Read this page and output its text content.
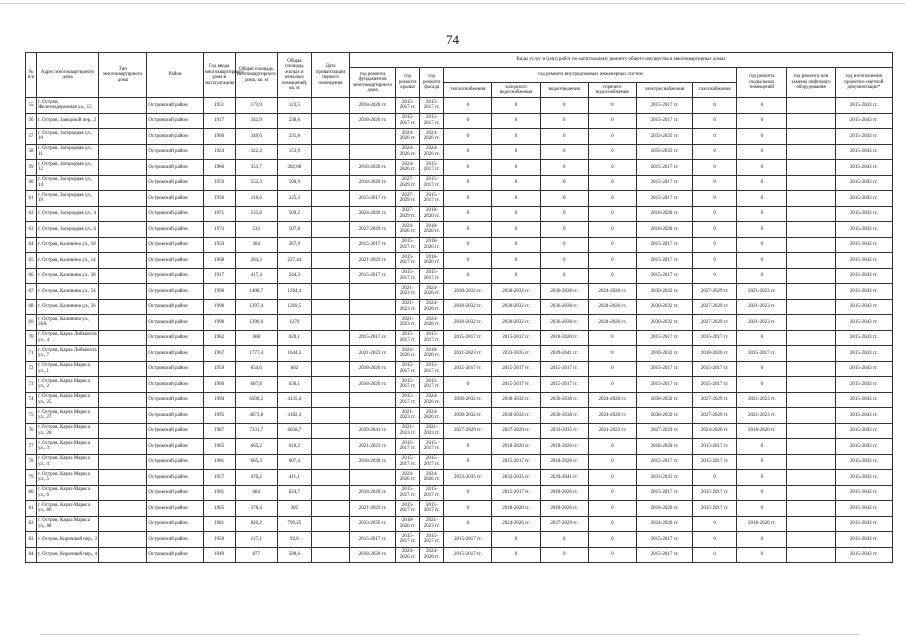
74
№ п/п	Адрес многоквартирного дома	Тип многоквартирного дома	Район	Год ввода многоквартирного дома в эксплуатацию	Общая площадь многоквартирного дома, кв. м	Общая площадь жилых и нежилых помещений, кв. м	Дата приватизации первого помещения	Виды услуг и (или) работ по капитальному ремонту общего имущества в многоквартирных домах											
								год ремонта фундаментов многоквартирного дома	год ремонта крыши	год ремонта фасада	год ремонта внутридомовых инженерных систем						год ремонта подвальных помещений	год ремонта или замены лифтового оборудования	год изготовления проектно-сметной документации*
											теплоснабжения	холодного водоснабжения	водоотведения	горячего водоснабжения	электроснабжения	газоснабжения			
55	г. Остров, Железнодорожная ул., 15		Островский район	1951	173,9	123,5		2018-2020 гг.	2015-2017 гг.	2015-2017 гг.	0	0	0	0	2015-2017 гг.	0	0		2015-2043 гг.
56	г. Остров, Заводской пер., 2		Островский район	1917	342,9	238,6		2018-2020 гг.	2015-2017 гг.	2015-2017 гг.	0	0	0	0	2015-2017 гг.	0	0		2015-2043 гг.
57	г. Остров, Загородная ул., 10		Островский район	1960	349,6	231,8			2024-2026 гг.	2024-2026 гг.	0	0	0	0	2033-2035 гг.	0	0		2015-2043 гг.
58	г. Остров, Загородная ул., 11		Островский район	1924	322,2	153,9			2024-2026 гг.	2024-2026 гг.	0	0	0	0	2033-2035 гг.	0	0		2015-2043 гг.
59	г. Остров, Загородная ул., 12		Островский район	1960	353,7	282,06		2018-2020 гг.	2024-2026 гг.	2015-2017 гг.	0	0	0	0	2015-2017 гг.	0	0		2015-2043 гг.
60	г. Остров, Загородная ул., 14		Островский район	1959	552,3	500,9		2018-2020 гг.	2027-2029 гг.	2015-2017 гг.	0	0	0	0	2015-2017 гг.	0	0		2015-2043 гг.
61	г. Остров, Загородная ул., 19		Островский район	1956	316,6	225,3		2015-2017 гг.	2027-2029 гг.	2015-2017 гг.	0	0	0	0	2015-2017 гг.	0	0		2015-2043 гг.
62	г. Остров, Загородная ул., 4		Островский район	1971	535,8	509,2		2024-2026 гг.	2027-2029 гг.	2018-2020 гг.	0	0	0	0	2018-2020 гг.	0	0		2015-2043 гг.
63	г. Остров, Загородная ул., 6		Островский район	1972	533	507,8		2027-2029 гг.	2024-2026 гг.	2018-2020 гг.	0	0	0	0	2018-2020 гг.	0	0		2015-2043 гг.
64	г. Остров, Калинина ул., 10		Островский район	1959	384	267,9		2015-2017 гг.	2015-2017 гг.	2018-2020 гг.	0	0	0	0	2015-2017 гг.	0	0		2015-2043 гг.
65	г. Остров, Калинина ул., 14		Островский район	1968	284,3	227,44		2021-2023 гг.	2015-2017 гг.	2018-2020 гг.	0	0	0	0	2015-2017 гг.	0	0		2015-2043 гг.
66	г. Остров, Калинина ул., 30		Островский район	1917	417,4	244,3		2015-2017 гг.	2015-2017 гг.	2015-2017 гг.	0	0	0	0	2015-2017 гг.	0	0		2015-2043 гг.
67	г. Остров, Калинина ул., 54		Островский район	1996	1400,7	1264,4			2021-2023 гг.	2024-2026 гг.	2030-2032 гг.	2030-2032 гг.	2036-2038 гг.	2024-2026 гг.	2030-2032 гг.	2027-2029 гг.	2021-2023 гг.		2015-2043 гг.
68	г. Остров, Калинина ул., 56		Островский район	1996	1397,4	1269,5			2021-2023 гг.	2024-2026 гг.	2030-2032 гг.	2030-2032 гг.	2036-2038 гг.	2024-2026 гг.	2030-2032 гг.	2027-2029 гг.	2021-2023 гг.		2015-2043 гг.
69	г. Остров, Калинина ул., 56А		Островский район	1996	1396,6	1270			2021-2023 гг.	2024-2026 гг.	2030-2032 гг.	2030-2032 гг.	2036-2038 гг.	2024-2026 гг.	2030-2032 гг.	2027-2029 гг.	2021-2023 гг.		2015-2043 гг.
70	г. Остров, Карла Либкнехта ул., 4		Островский район	1962	608	620,1		2015-2017 гг.	2015-2017 гг.	2015-2017 гг.	2015-2017 гг.	2015-2017 гг.	2018-2020 гг.	0	2015-2017 гг.	2015-2017 гг.	0		2015-2043 гг.
71	г. Остров, Карла Либкнехта ул., 7		Островский район	1967	1777,4	1644,5		2021-2023 гг.	2024-2026 гг.	2018-2020 гг.	2021-2023 гг.	2033-2035 гг.	2039-2041 гг.	0	2030-2032 гг.	2018-2020 гг.	2015-2017 гг.		2015-2043 гг.
72	г. Остров, Карла Маркса ул., 1		Островский район	1959	654,6	602		2018-2020 гг.	2015-2017 гг.	2015-2017 гг.	2015-2017 гг.	2015-2017 гг.	2015-2017 гг.	0	2015-2017 гг.	2015-2017 гг.	0		2015-2043 гг.
73	г. Остров, Карла Маркса ул., 2		Островский район	1960	687,8	630,1		2018-2020 гг.	2015-2017 гг.	2015-2017 гг.	0	2015-2017 гг.	2015-2017 гг.	0	2015-2017 гг.	2015-2017 гг.	0		2015-2043 гг.
74	г. Остров, Карла Маркса ул., 25		Островский район	1994	6506,2	4135,4			2015-2017 гг.	2024-2026 гг.	2030-2032 гг.	2030-2032 гг.	2036-2038 гг.	2024-2026 гг.	2030-2032 гг.	2027-2029 гг.	2021-2023 гг.		2015-2043 гг.
75	г. Остров, Карла Маркса ул., 27		Островский район	1995	4673,8	4182,3			2021-2023 гг.	2024-2026 гг.	2030-2032 гг.	2030-2032 гг.	2036-2038 гг.	2024-2026 гг.	2030-2032 гг.	2027-2029 гг.	2021-2023 гг.		2015-2043 гг.
76	г. Остров, Карла Маркса ул., 28		Островский район	1987	7331,7	6658,7		2039-2041 гг.	2021-2023 гг.	2021-2023 гг.	2027-2029 гг.	2027-2029 гг.	2033-2035 гг.	2021-2023 гг.	2027-2029 гг.	2024-2026 гг.	2018-2020 гг.		2015-2043 гг.
77	г. Остров, Карла Маркса ул., 3		Островский район	1965	665,2	610,2		2021-2023 гг.	2015-2017 гг.	2015-2017 гг.	0	2018-2020 гг.	2018-2020 гг.	0	2018-2020 гг.	2015-2017 гг.	0		2015-2043 гг.
78	г. Остров, Карла Маркса ул., 4		Островский район	1961	665,3	607,4		2018-2020 гг.	2015-2017 гг.	2015-2017 гг.	0	2015-2017 гг.	2018-2020 гг.	0	2015-2017 гг.	2015-2017 гг.	0		2015-2043 гг.
79	г. Остров, Карла Маркса ул., 5		Островский район	1957	470,2	411,1			2024-2026 гг.	2024-2026 гг.	2033-2035 гг.	2033-2035 гг.	2039-2041 гг.	0	2033-2035 гг.	0	0		2015-2043 гг.
80	г. Остров, Карла Маркса ул., 6		Островский район	1961	684	624,7		2018-2020 гг.	2015-2017 гг.	2015-2017 гг.	0	2015-2017 гг.	2018-2020 гг.	0	2015-2017 гг.	2015-2017 гг.	0		2015-2043 гг.
81	г. Остров, Карла Маркса ул., 86		Островский район	1965	378,4	305		2021-2023 гг.	2015-2017 гг.	2015-2017 гг.	0	2018-2020 гг.	2018-2020 гг.	0	2018-2020 гг.	2015-2017 гг.	0		2015-2043 гг.
82	г. Остров, Карла Маркса ул., 88		Островский район	1981	820,2	799,25		2033-2035 гг.	2018-2020 гг.	2021-2023 гг.	0	2024-2026 гг.	2027-2029 гг.	0	2024-2026 гг.	0	2018-2020 гг.		2015-2043 гг.
83	г. Остров, Кирочный пер., 3		Островский район	1950	117,1	92,6		2015-2017 гг.	2015-2017 гг.	2015-2017 гг.	2015-2017 гг.	0	0	0	2015-2017 гг.	0	0		2015-2043 гг.
84	г. Остров, Кирочный пер., 4		Островский район	1949	877	508,6		2018-2020 гг.	2024-2026 гг.	2024-2026 гг.	2015-2017 гг.	0	0	0	2015-2017 гг.	0	0		2015-2043 гг.
